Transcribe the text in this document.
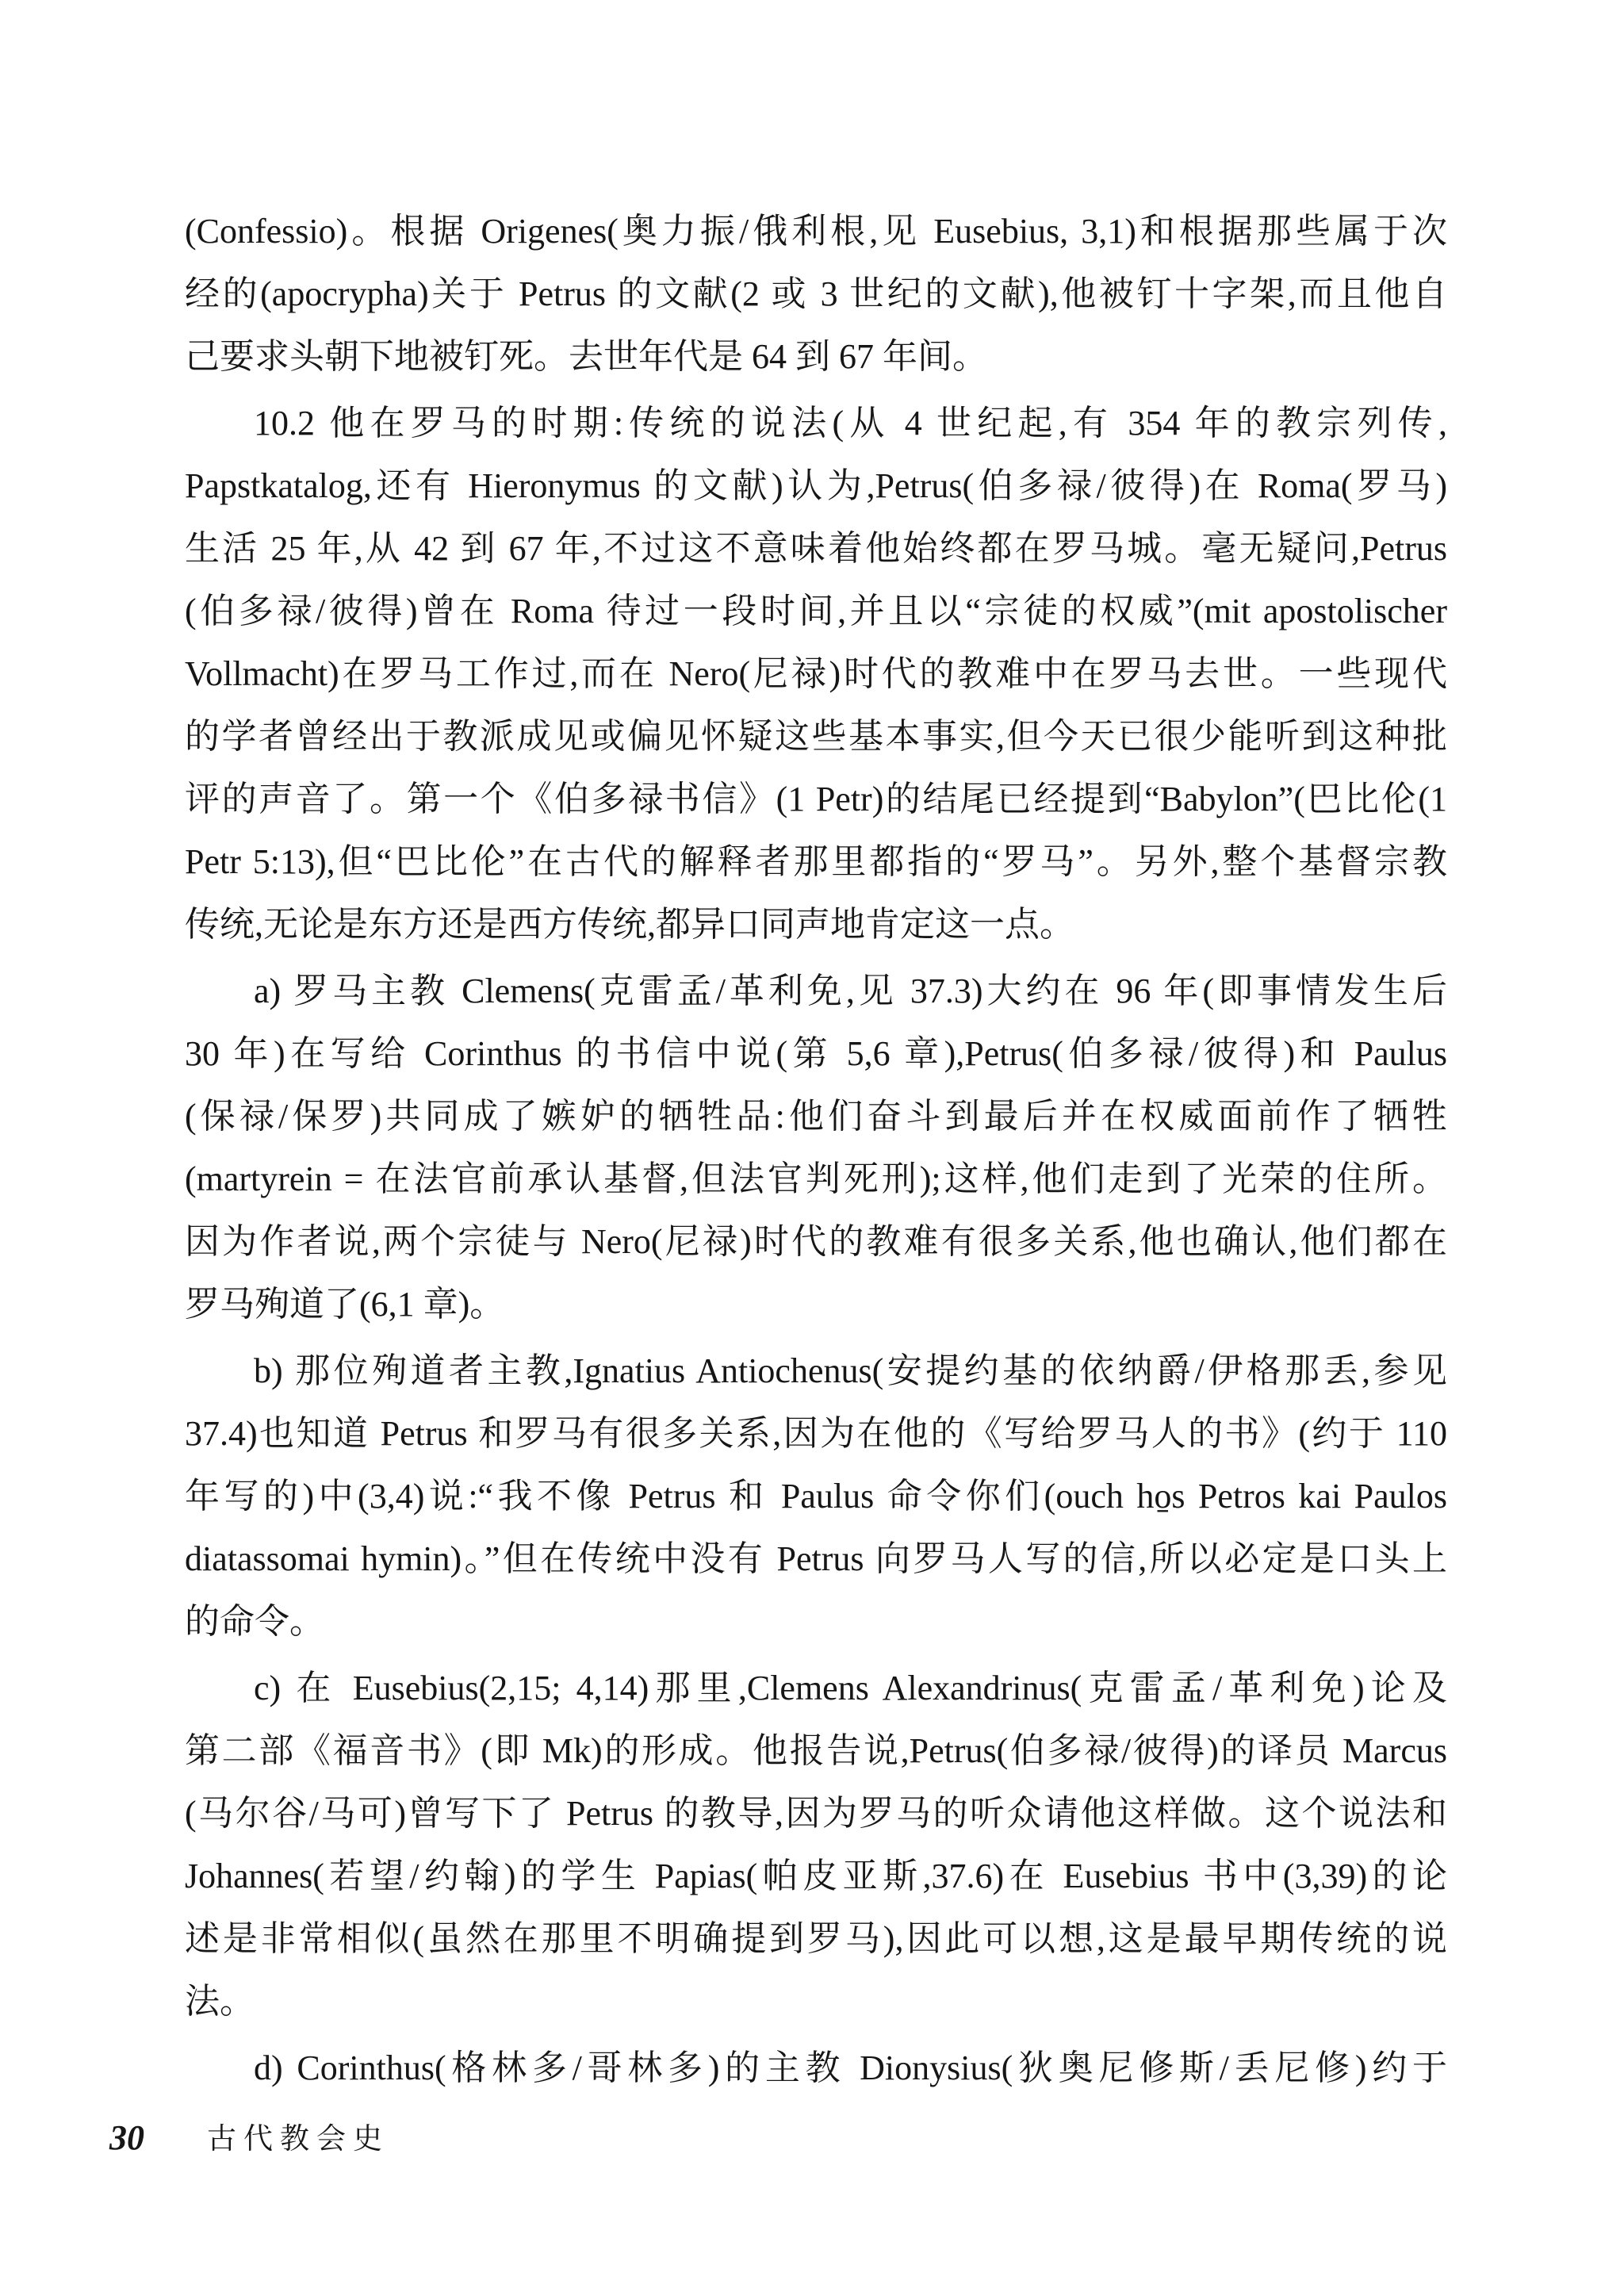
(Confessio)。根据 Origenes(奥力振/俄利根,见 Eusebius, 3,1)和根据那些属于次
经的(apocrypha)关于 Petrus 的文献(2 或 3 世纪的文献),他被钉十字架,而且他自
己要求头朝下地被钉死。去世年代是 64 到 67 年间。
10.2 他在罗马的时期:传统的说法(从 4 世纪起,有 354 年的教宗列传,
Papstkatalog,还有 Hieronymus 的文献)认为,Petrus(伯多禄/彼得)在 Roma(罗马)
生活 25 年,从 42 到 67 年,不过这不意味着他始终都在罗马城。毫无疑问,Petrus
(伯多禄/彼得)曾在 Roma 待过一段时间,并且以“宗徒的权威”(mit apostolischer
Vollmacht)在罗马工作过,而在 Nero(尼禄)时代的教难中在罗马去世。一些现代
的学者曾经出于教派成见或偏见怀疑这些基本事实,但今天已很少能听到这种批
评的声音了。第一个《伯多禄书信》(1 Petr)的结尾已经提到“Babylon”(巴比伦(1
Petr 5:13),但“巴比伦”在古代的解释者那里都指的“罗马”。另外,整个基督宗教
传统,无论是东方还是西方传统,都异口同声地肯定这一点。
a) 罗马主教 Clemens(克雷孟/革利免,见 37.3)大约在 96 年(即事情发生后
30 年)在写给 Corinthus 的书信中说(第 5,6 章),Petrus(伯多禄/彼得)和 Paulus
(保禄/保罗)共同成了嫉妒的牺牲品:他们奋斗到最后并在权威面前作了牺牲
(martyrein = 在法官前承认基督,但法官判死刑);这样,他们走到了光荣的住所。
因为作者说,两个宗徒与 Nero(尼禄)时代的教难有很多关系,他也确认,他们都在
罗马殉道了(6,1 章)。
b) 那位殉道者主教,Ignatius Antiochenus(安提约基的依纳爵/伊格那丢,参见
37.4)也知道 Petrus 和罗马有很多关系,因为在他的《写给罗马人的书》(约于 110
年写的)中(3,4)说:“我不像 Petrus 和 Paulus 命令你们(ouch ho̱s Petros kai Paulos
diatassomai hymin)。”但在传统中没有 Petrus 向罗马人写的信,所以必定是口头上
的命令。
c) 在 Eusebius(2,15; 4,14)那里,Clemens Alexandrinus(克雷孟/革利免)论及
第二部《福音书》(即 Mk)的形成。他报告说,Petrus(伯多禄/彼得)的译员 Marcus
(马尔谷/马可)曾写下了 Petrus 的教导,因为罗马的听众请他这样做。这个说法和
Johannes(若望/约翰)的学生 Papias(帕皮亚斯,37.6)在 Eusebius 书中(3,39)的论
述是非常相似(虽然在那里不明确提到罗马),因此可以想,这是最早期传统的说
法。
d) Corinthus(格林多/哥林多)的主教 Dionysius(狄奥尼修斯/丢尼修)约于
30 古代教会史
